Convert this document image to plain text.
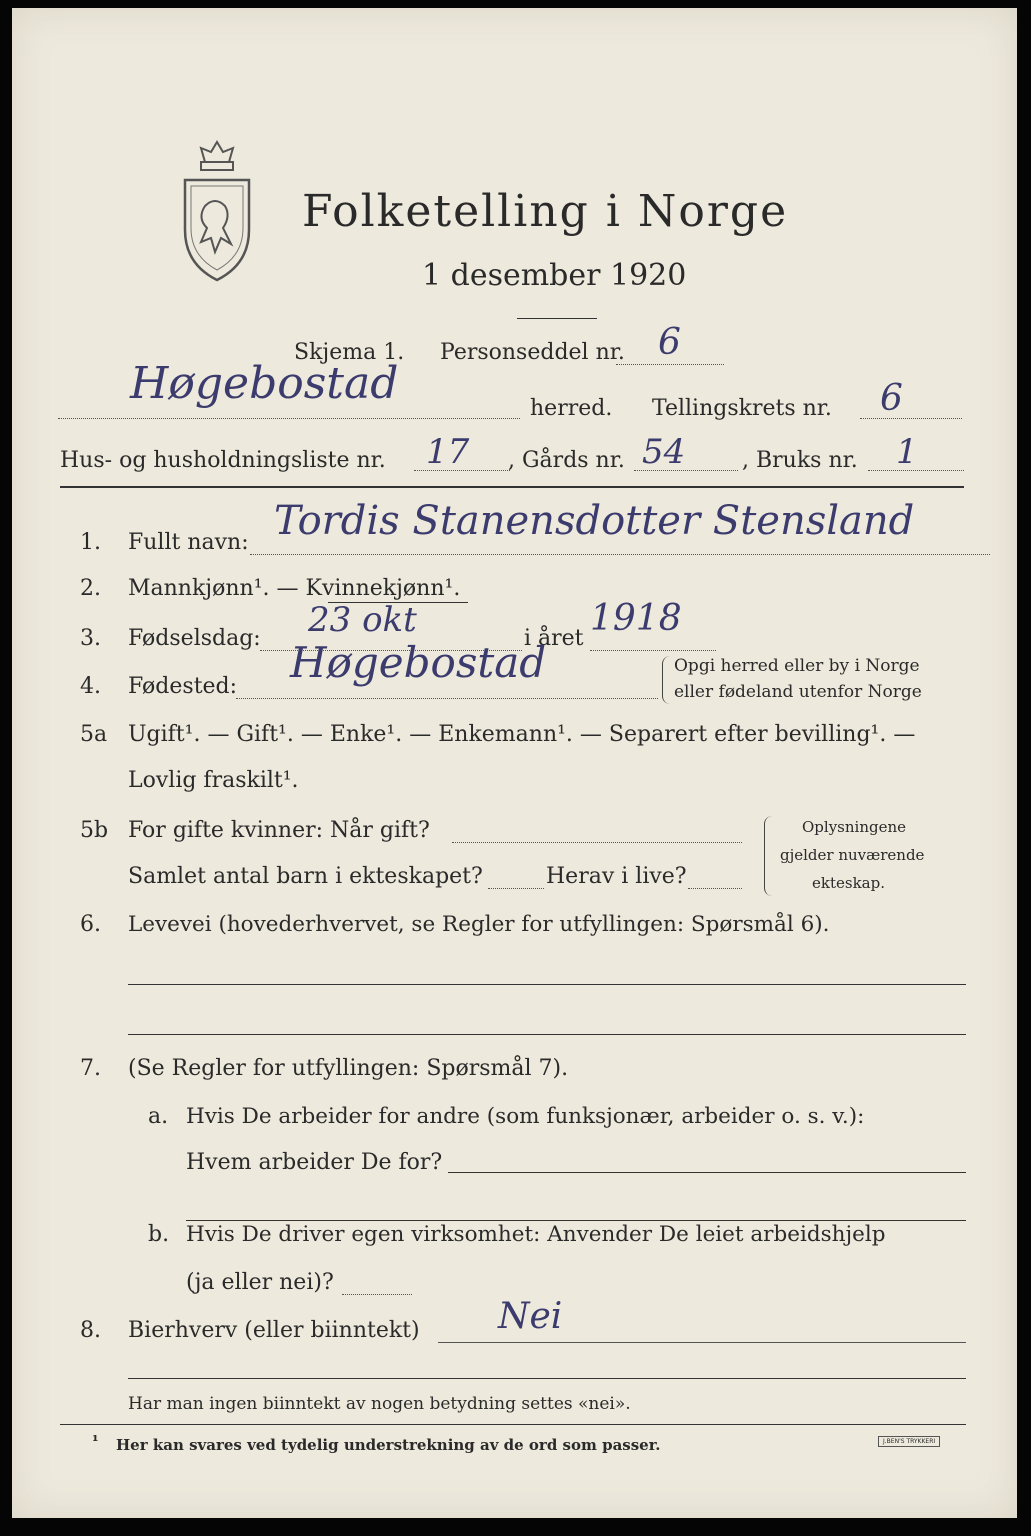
Folketelling i Norge
1 desember 1920
Skjema 1. Personseddel nr. 6
Høgebostad	herred. Tellingskrets nr. 6
Hus- og husholdningsliste nr. 17 , Gårds nr. 54	, Bruks nr. 1
1. Fullt navn: Tordis Stanensdotter Stensland
2. Mannkjønn¹. — Kvinnekjønn¹.
3. Fødselsdag: 23 okt	i året 1918
4. Fødested: Høgebostad	Opgi herred eller by i Norge
eller fødeland utenfor Norge
5a Ugift¹. — Gift¹. — Enke¹. — Enkemann¹. — Separert efter bevilling¹. —
Lovlig fraskilt¹.
5b For gifte kvinner: Når gift?
Samlet antal barn i ekteskapet?	Herav i live?
Oplysningene
gjelder nuværende
ekteskap.
6. Levevei (hovederhvervet, se Regler for utfyllingen: Spørsmål 6).
7. (Se Regler for utfyllingen: Spørsmål 7).
a. Hvis De arbeider for andre (som funksjonær, arbeider o. s. v.):
Hvem arbeider De for?
b. Hvis De driver egen virksomhet: Anvender De leiet arbeidshjelp
(ja eller nei)?
8. Bierhverv (eller biinntekt) Nei
Har man ingen biinntekt av nogen betydning settes «nei».
¹ Her kan svares ved tydelig understrekning av de ord som passer.	J.BEN'S TRYKKERI
